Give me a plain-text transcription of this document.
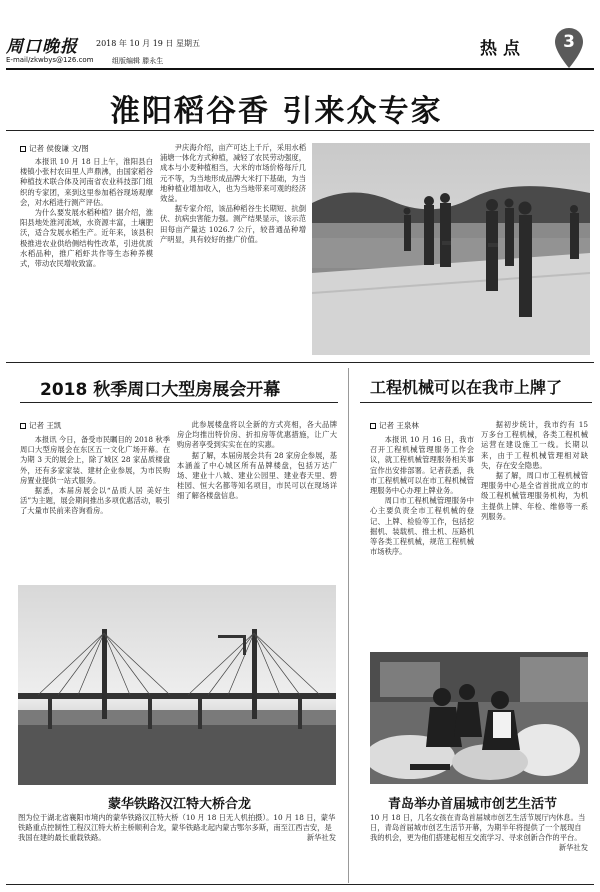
周口晚报 2018 年 10 月 19 日 星期五
E-mail/zkwbys@126.com	组版编辑 滕永生
热点	3
淮阳稻谷香 引来众专家
记者 侯俊谦 文/图

本报讯 10 月 18 日上午，淮阳县白楼镇小张村农田里人声鼎沸，由国家稻谷种植技术联合体及河南省农业科技部门组织的专家团，来到这里参加稻谷现场观摩会，对水稻进行测产评估。

为什么要发展水稻种植？据介绍，淮阳县地处淮河流域，水资源丰富，土壤肥沃，适合发展水稻生产。近年来，该县积极推进农业供给侧结构性改革，引进优质水稻品种，推广稻虾共作等生态种养模式，带动农民增收致富。

尹庆海介绍，亩产可达上千斤，采用水稻浦塘一体化方式种植，减轻了农民劳动强度，成本与小麦种植相当，大米的市场价格每斤几元不等，为当地形成品牌大米打下基础，为当地种植业增加收入，也为当地带来可观的经济效益。

据专家介绍，该品种稻谷生长期短、抗倒伏、抗病虫害能力强。测产结果显示，该示范田每亩产量达 1026.7 公斤，较普通品种增产明显，具有较好的推广价值。

2018 秋季周口大型房展会开幕
记者 王凯

本报讯 今日，备受市民瞩目的 2018 秋季周口大型房展会在东区五一文化广场开幕。在为期 3 天的展会上，除了城区 28 家品质楼盘外，还有多家家装、建材企业参展，为市民购房置业提供一站式服务。

据悉，本届房展会以“品质人居 美好生活”为主题，展会期间推出多项优惠活动，吸引了大量市民前来咨询看房。

此参展楼盘将以全新的方式亮相，各大品牌房企均推出特价房、折扣房等优惠措施，让广大购房者享受到实实在在的实惠。

据了解，本届房展会共有 28 家房企参展，基本涵盖了中心城区所有品牌楼盘，包括万达广场、建业十八城、建业公园里、建业春天里、碧桂园、恒大名都等知名项目，市民可以在现场详细了解各楼盘信息。

工程机械可以在我市上牌了
记者 王泉林

本报讯 10 月 16 日，我市召开工程机械管理服务工作会议，就工程机械管理服务相关事宜作出安排部署。记者获悉，我市工程机械可以在市工程机械管理服务中心办理上牌业务。

周口市工程机械管理服务中心主要负责全市工程机械的登记、上牌、检验等工作，包括挖掘机、装载机、推土机、压路机等各类工程机械，规范工程机械市场秩序。

据初步统计，我市约有 15 万多台工程机械，各类工程机械运营在建设施工一线。长期以来，由于工程机械管理相对缺失，存在安全隐患。

据了解，周口市工程机械管理服务中心是全省首批成立的市级工程机械管理服务机构，为机主提供上牌、年检、维修等一系列服务。

蒙华铁路汉江特大桥合龙
图为位于湖北省襄阳市境内的蒙华铁路汉江特大桥（10 月 18 日无人机拍摄）。10 月 18 日，蒙华铁路重点控制性工程汉江特大桥主桥顺利合龙，蒙华铁路北起内蒙古鄂尔多斯，南至江西吉安，是我国在建的最长重载铁路。	新华社发
青岛举办首届城市创艺生活节
10 月 18 日，几名女孩在青岛首届城市创艺生活节展厅内休息。当日，青岛首届城市创艺生活节开幕，为期半年将提供了一个展现自我的机会，更为他们搭建起相互交流学习、寻求创新合作的平台。
新华社发
